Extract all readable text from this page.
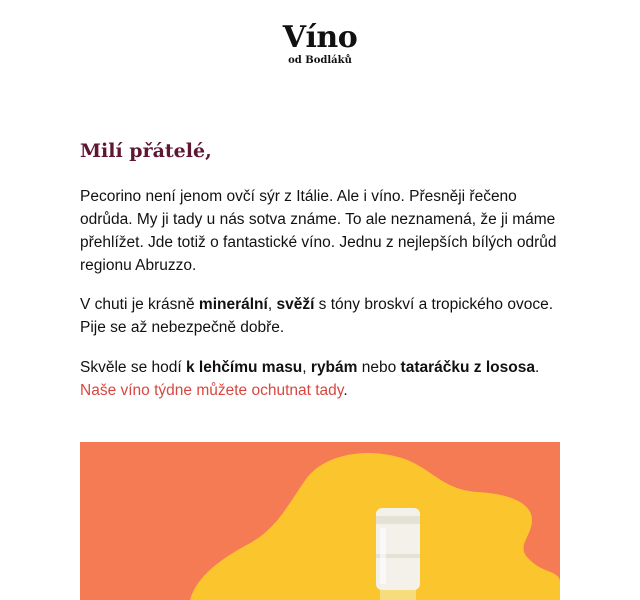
Víno
od Bodláků
Milí přátelé,

Pecorino není jenom ovčí sýr z Itálie. Ale i víno. Přesněji řečeno odrůda. My ji tady u nás sotva známe. To ale neznamená, že ji máme přehlížet. Jde totiž o fantastické víno. Jednu z nejlepších bílých odrůd regionu Abruzzo.

V chuti je krásně minerální, svěží s tóny broskví a tropického ovoce. Pije se až nebezpečně dobře.

Skvěle se hodí k lehčímu masu, rybám nebo tataráčku z lososa.
Naše víno týdne můžete ochutnat tady.
